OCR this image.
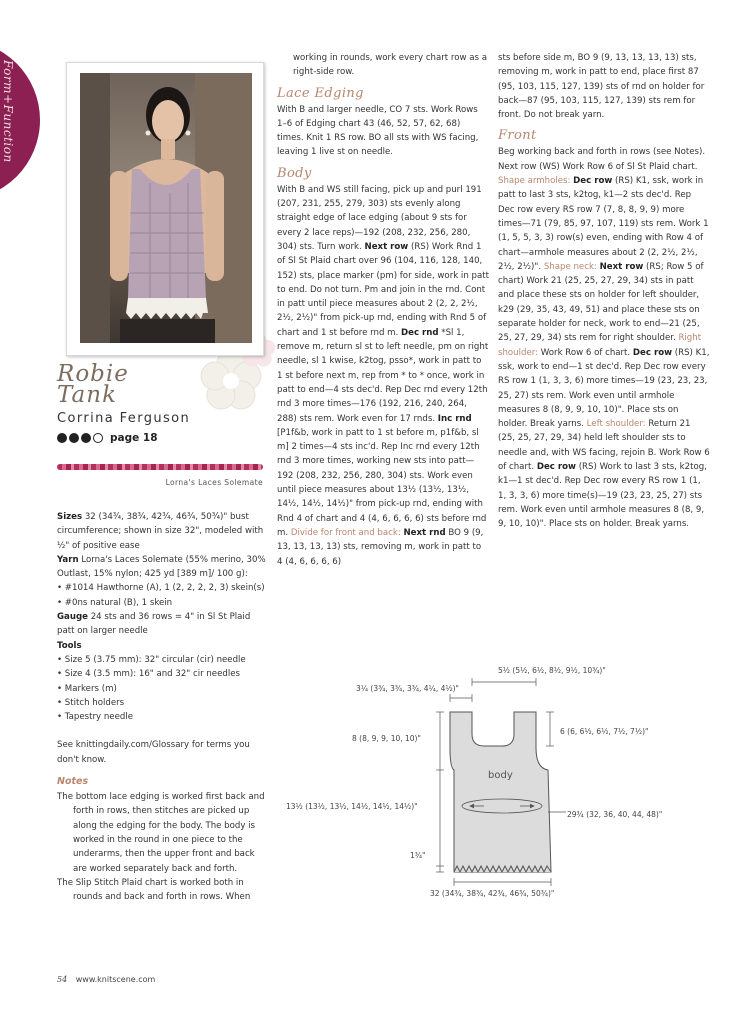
Form+Function
Robie
Tank

Corrina Ferguson

page 18
Lorna's Laces Solemate

Sizes 32 (34¾, 38¾, 42¾, 46¾, 50¾)" bust circumference; shown in size 32", modeled with ½" of positive ease

Yarn Lorna's Laces Solemate (55% merino, 30% Outlast, 15% nylon; 425 yd [389 m]/ 100 g):

• #1014 Hawthorne (A), 1 (2, 2, 2, 2, 3) skein(s)

• #0ns natural (B), 1 skein

Gauge 24 sts and 36 rows = 4" in Sl St Plaid patt on larger needle

Tools

• Size 5 (3.75 mm): 32" circular (cir) needle

• Size 4 (3.5 mm): 16" and 32" cir needles

• Markers (m)

• Stitch holders

• Tapestry needle

See knittingdaily.com/Glossary for terms you don't know.

Notes

The bottom lace edging is worked first back and forth in rows, then stitches are picked up along the edging for the body. The body is worked in the round in one piece to the underarms, then the upper front and back are worked separately back and forth.

The Slip Stitch Plaid chart is worked both in rounds and back and forth in rows. When

working in rounds, work every chart row as a right-side row.

Lace Edging

With B and larger needle, CO 7 sts. Work Rows 1–6 of Edging chart 43 (46, 52, 57, 62, 68) times. Knit 1 RS row. BO all sts with WS facing, leaving 1 live st on needle.

Body

With B and WS still facing, pick up and purl 191 (207, 231, 255, 279, 303) sts evenly along straight edge of lace edging (about 9 sts for every 2 lace reps)—192 (208, 232, 256, 280, 304) sts. Turn work. Next row (RS) Work Rnd 1 of Sl St Plaid chart over 96 (104, 116, 128, 140, 152) sts, place marker (pm) for side, work in patt to end. Do not turn. Pm and join in the rnd. Cont in patt until piece measures about 2 (2, 2, 2½, 2½, 2½)" from pick-up rnd, ending with Rnd 5 of chart and 1 st before rnd m. Dec rnd *Sl 1, remove m, return sl st to left needle, pm on right needle, sl 1 kwise, k2tog, psso*, work in patt to 1 st before next m, rep from * to * once, work in patt to end—4 sts dec'd. Rep Dec rnd every 12th rnd 3 more times—176 (192, 216, 240, 264, 288) sts rem. Work even for 17 rnds. Inc rnd [P1f&b, work in patt to 1 st before m, p1f&b, sl m] 2 times—4 sts inc'd. Rep Inc rnd every 12th rnd 3 more times, working new sts into patt—192 (208, 232, 256, 280, 304) sts. Work even until piece measures about 13½ (13½, 13½, 14½, 14½, 14½)" from pick-up rnd, ending with Rnd 4 of chart and 4 (4, 6, 6, 6, 6) sts before rnd m. Divide for front and back: Next rnd BO 9 (9, 13, 13, 13, 13) sts, removing m, work in patt to 4 (4, 6, 6, 6, 6)

sts before side m, BO 9 (9, 13, 13, 13, 13) sts, removing m, work in patt to end, place first 87 (95, 103, 115, 127, 139) sts of rnd on holder for back—87 (95, 103, 115, 127, 139) sts rem for front. Do not break yarn.

Front

Beg working back and forth in rows (see Notes). Next row (WS) Work Row 6 of Sl St Plaid chart. Shape armholes: Dec row (RS) K1, ssk, work in patt to last 3 sts, k2tog, k1—2 sts dec'd. Rep Dec row every RS row 7 (7, 8, 8, 9, 9) more times—71 (79, 85, 97, 107, 119) sts rem. Work 1 (1, 5, 5, 3, 3) row(s) even, ending with Row 4 of chart—armhole measures about 2 (2, 2½, 2½, 2½, 2½)". Shape neck: Next row (RS; Row 5 of chart) Work 21 (25, 25, 27, 29, 34) sts in patt and place these sts on holder for left shoulder, k29 (29, 35, 43, 49, 51) and place these sts on separate holder for neck, work to end—21 (25, 25, 27, 29, 34) sts rem for right shoulder. Right shoulder: Work Row 6 of chart. Dec row (RS) K1, ssk, work to end—1 st dec'd. Rep Dec row every RS row 1 (1, 3, 3, 6) more times—19 (23, 23, 23, 25, 27) sts rem. Work even until armhole measures 8 (8, 9, 9, 10, 10)". Place sts on holder. Break yarns. Left shoulder: Return 21 (25, 25, 27, 29, 34) held left shoulder sts to needle and, with WS facing, rejoin B. Work Row 6 of chart. Dec row (RS) Work to last 3 sts, k2tog, k1—1 st dec'd. Rep Dec row every RS row 1 (1, 1, 3, 3, 6) more time(s)—19 (23, 23, 25, 27) sts rem. Work even until armhole measures 8 (8, 9, 9, 10, 10)". Place sts on holder. Break yarns.

5½ (5½, 6½, 8½, 9½, 10¾)"
3¼ (3¾, 3¾, 3¾, 4¼, 4½)"
8 (8, 9, 9, 10, 10)"
6 (6, 6½, 6½, 7½, 7½)"
body
13½ (13½, 13½, 14½, 14½, 14½)"
29¾ (32, 36, 40, 44, 48)"
1¾"
32 (34¾, 38¾, 42¾, 46¾, 50¾)"
54 www.knitscene.com
